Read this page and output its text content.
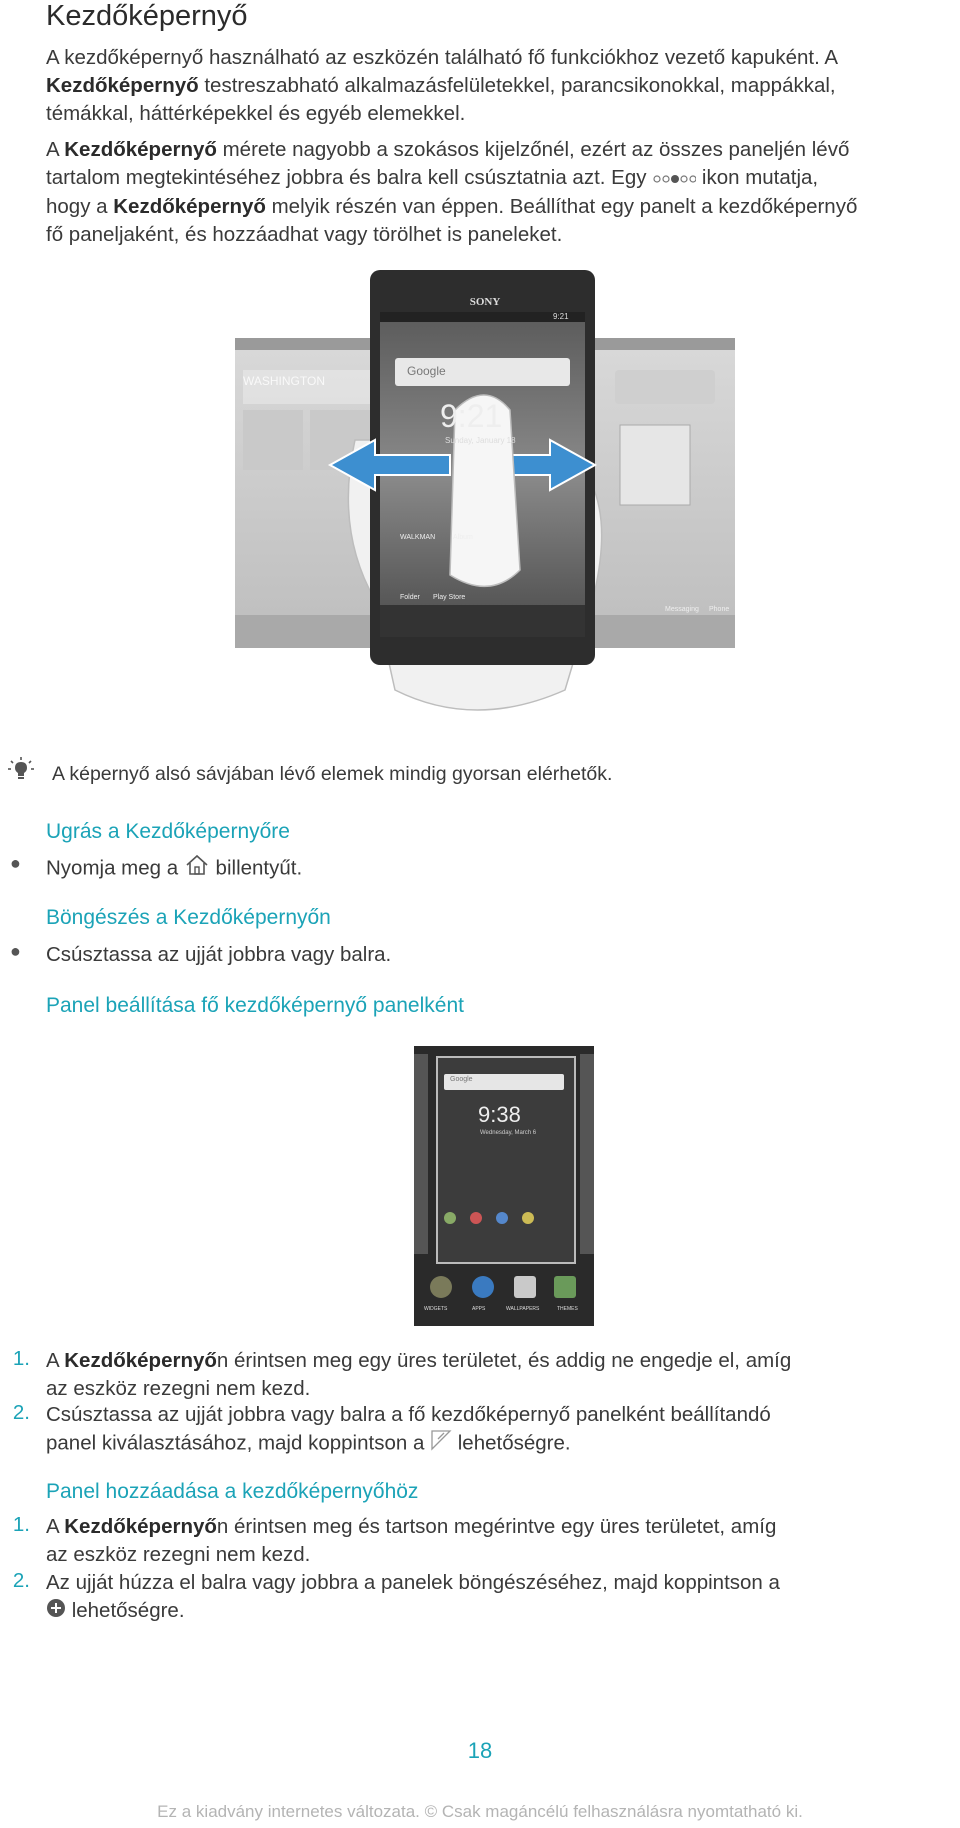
Kezdőképernyő
A kezdőképernyő használható az eszközén található fő funkciókhoz vezető kapuként. A
Kezdőképernyő testreszabható alkalmazásfelületekkel, parancsikonokkal, mappákkal,
témákkal, háttérképekkel és egyéb elemekkel.
A Kezdőképernyő mérete nagyobb a szokásos kijelzőnél, ezért az összes paneljén lévő
tartalom megtekintéséhez jobbra és balra kell csúsztatnia azt. Egy  ikon mutatja,
hogy a Kezdőképernyő melyik részén van éppen. Beállíthat egy panelt a kezdőképernyő
fő paneljaként, és hozzáadhat vagy törölhet is paneleket.
SONY
9:21
Google
9:21
Sunday, January 18
WASHINGTON
WALKMAN	Album
Folder Play Store
Messaging Phone
A képernyő alsó sávjában lévő elemek mindig gyorsan elérhetők.
Ugrás a Kezdőképernyőre
● Nyomja meg a  billentyűt.
Böngészés a Kezdőképernyőn
● Csúsztassa az ujját jobbra vagy balra.
Panel beállítása fő kezdőképernyő panelként
Google
9:38
Wednesday, March 6
WIDGETS	APPS	WALLPAPERS	THEMES
1. A Kezdőképernyőn érintsen meg egy üres területet, és addig ne engedje el, amíg
az eszköz rezegni nem kezd.
2. Csúsztassa az ujját jobbra vagy balra a fő kezdőképernyő panelként beállítandó
panel kiválasztásához, majd koppintson a  lehetőségre.
Panel hozzáadása a kezdőképernyőhöz
1. A Kezdőképernyőn érintsen meg és tartson megérintve egy üres területet, amíg
az eszköz rezegni nem kezd.
2. Az ujját húzza el balra vagy jobbra a panelek böngészéséhez, majd koppintson a
lehetőségre.
18
Ez a kiadvány internetes változata. © Csak magáncélú felhasználásra nyomtatható ki.
